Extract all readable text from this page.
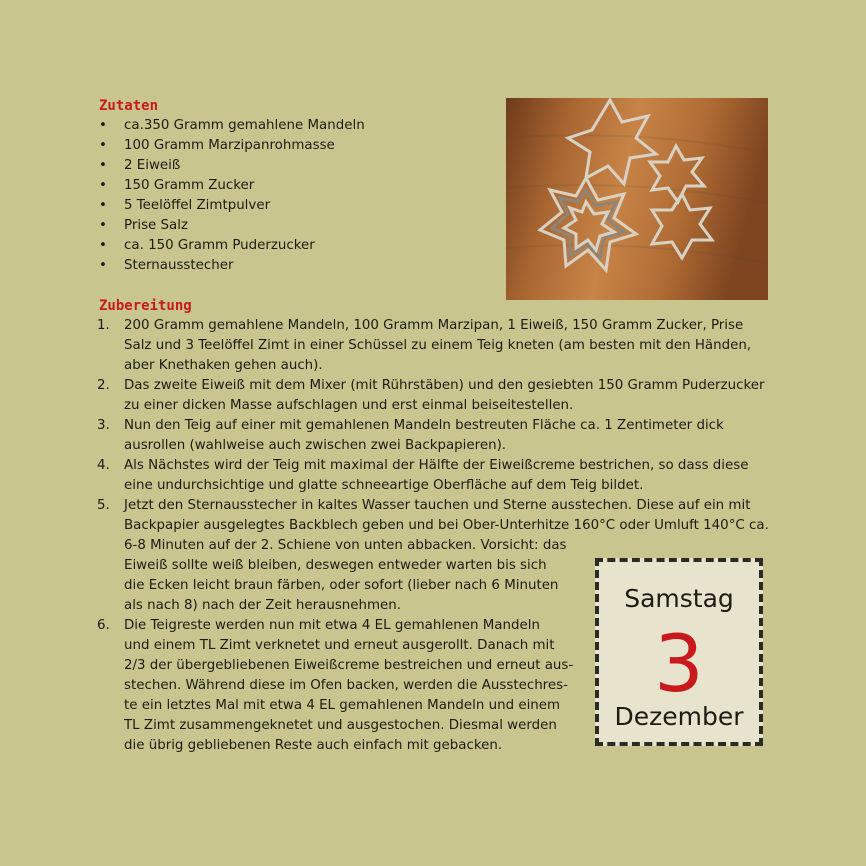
Zutaten
• ca.350 Gramm gemahlene Mandeln
• 100 Gramm Marzipanrohmasse
• 2 Eiweiß
• 150 Gramm Zucker
• 5 Teelöffel Zimtpulver
• Prise Salz
• ca. 150 Gramm Puderzucker
• Sternausstecher
Zubereitung
1. 200 Gramm gemahlene Mandeln, 100 Gramm Marzipan, 1 Eiweiß, 150 Gramm Zucker, Prise
Salz und 3 Teelöffel Zimt in einer Schüssel zu einem Teig kneten (am besten mit den Händen,
aber Knethaken gehen auch).
2. Das zweite Eiweiß mit dem Mixer (mit Rührstäben) und den gesiebten 150 Gramm Puderzucker
zu einer dicken Masse aufschlagen und erst einmal beiseitestellen.
3. Nun den Teig auf einer mit gemahlenen Mandeln bestreuten Fläche ca. 1 Zentimeter dick
ausrollen (wahlweise auch zwischen zwei Backpapieren).
4. Als Nächstes wird der Teig mit maximal der Hälfte der Eiweißcreme bestrichen, so dass diese
eine undurchsichtige und glatte schneeartige Oberfläche auf dem Teig bildet.
5. Jetzt den Sternausstecher in kaltes Wasser tauchen und Sterne ausstechen. Diese auf ein mit
Backpapier ausgelegtes Backblech geben und bei Ober-Unterhitze 160°C oder Umluft 140°C ca.
6-8 Minuten auf der 2. Schiene von unten abbacken. Vorsicht: das
Eiweiß sollte weiß bleiben, deswegen entweder warten bis sich
die Ecken leicht braun färben, oder sofort (lieber nach 6 Minuten
als nach 8) nach der Zeit herausnehmen.
6. Die Teigreste werden nun mit etwa 4 EL gemahlenen Mandeln
und einem TL Zimt verknetet und erneut ausgerollt. Danach mit
2/3 der übergebliebenen Eiweißcreme bestreichen und erneut aus-
stechen. Während diese im Ofen backen, werden die Ausstechres-
te ein letztes Mal mit etwa 4 EL gemahlenen Mandeln und einem
TL Zimt zusammengeknetet und ausgestochen. Diesmal werden
die übrig gebliebenen Reste auch einfach mit gebacken.
Samstag
3
Dezember
